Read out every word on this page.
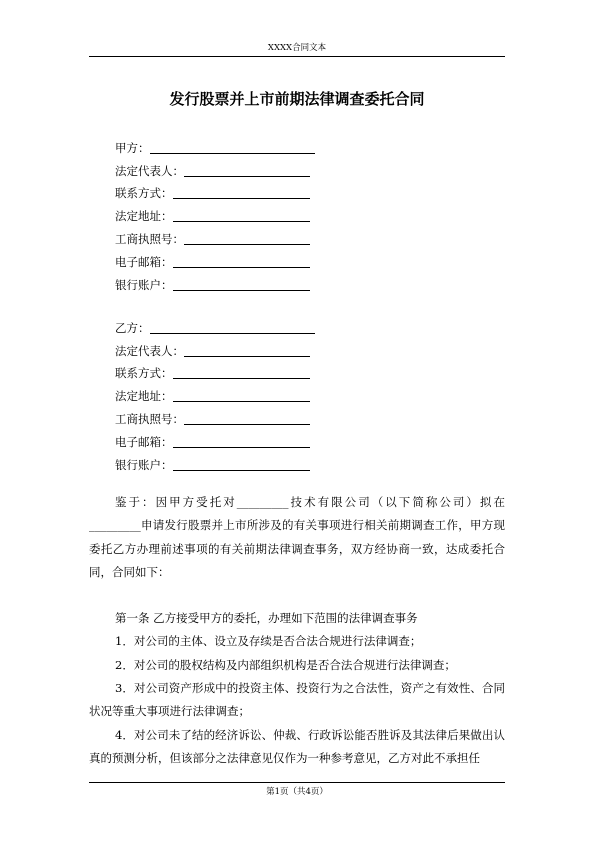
XXXX合同文本
发行股票并上市前期法律调查委托合同
甲方：
法定代表人：
联系方式：
法定地址：
工商执照号：
电子邮箱：
银行账户：
乙方：
法定代表人：
联系方式：
法定地址：
工商执照号：
电子邮箱：
银行账户：

鉴于：因甲方受托对_________技术有限公司（以下简称公司）拟在_________申请发行股票并上市所涉及的有关事项进行相关前期调查工作，甲方现委托乙方办理前述事项的有关前期法律调查事务，双方经协商一致，达成委托合同，合同如下：

第一条 乙方接受甲方的委托，办理如下范围的法律调查事务

1．对公司的主体、设立及存续是否合法合规进行法律调查；

2．对公司的股权结构及内部组织机构是否合法合规进行法律调查；

3．对公司资产形成中的投资主体、投资行为之合法性，资产之有效性、合同状况等重大事项进行法律调查；

4．对公司未了结的经济诉讼、仲裁、行政诉讼能否胜诉及其法律后果做出认真的预测分析，但该部分之法律意见仅作为一种参考意见，乙方对此不承担任

第1页（共4页）
